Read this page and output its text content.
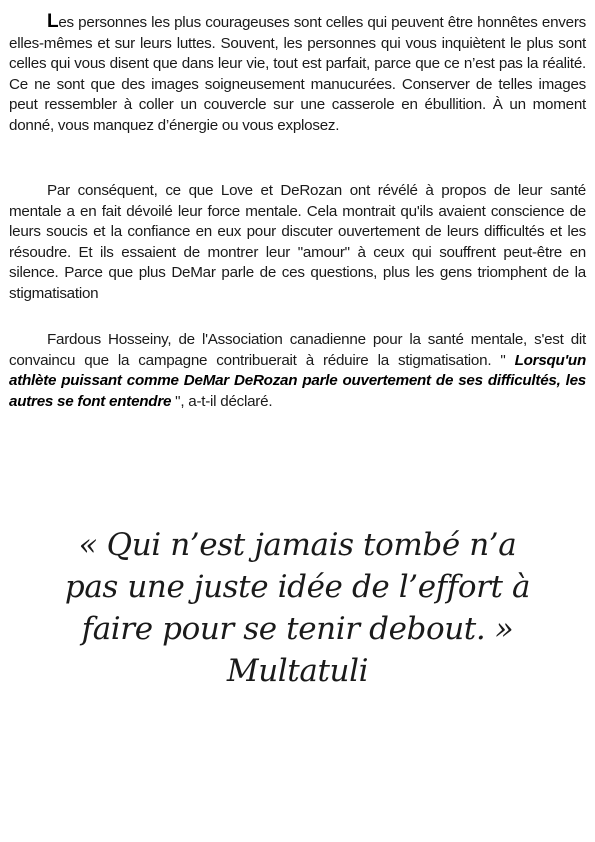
Les personnes les plus courageuses sont celles qui peuvent être honnêtes envers elles-mêmes et sur leurs luttes. Souvent, les personnes qui vous inquiètent le plus sont celles qui vous disent que dans leur vie, tout est parfait, parce que ce n’est pas la réalité. Ce ne sont que des images soigneusement manucurées. Conserver de telles images peut ressembler à coller un couvercle sur une casserole en ébullition. À un moment donné, vous manquez d’énergie ou vous explosez.

Par conséquent, ce que Love et DeRozan ont révélé à propos de leur santé mentale a en fait dévoilé leur force mentale. Cela montrait qu'ils avaient conscience de leurs soucis et la confiance en eux pour discuter ouvertement de leurs difficultés et les résoudre. Et ils essaient de montrer leur "amour" à ceux qui souffrent peut-être en silence. Parce que plus DeMar parle de ces questions, plus les gens triomphent de la stigmatisation

Fardous Hosseiny, de l'Association canadienne pour la santé mentale, s'est dit convaincu que la campagne contribuerait à réduire la stigmatisation. " Lorsqu'un athlète puissant comme DeMar DeRozan parle ouvertement de ses difficultés, les autres se font entendre ", a-t-il déclaré.

« Qui n’est jamais tombé n’a
pas une juste idée de l’effort à
faire pour se tenir debout. »
Multatuli
